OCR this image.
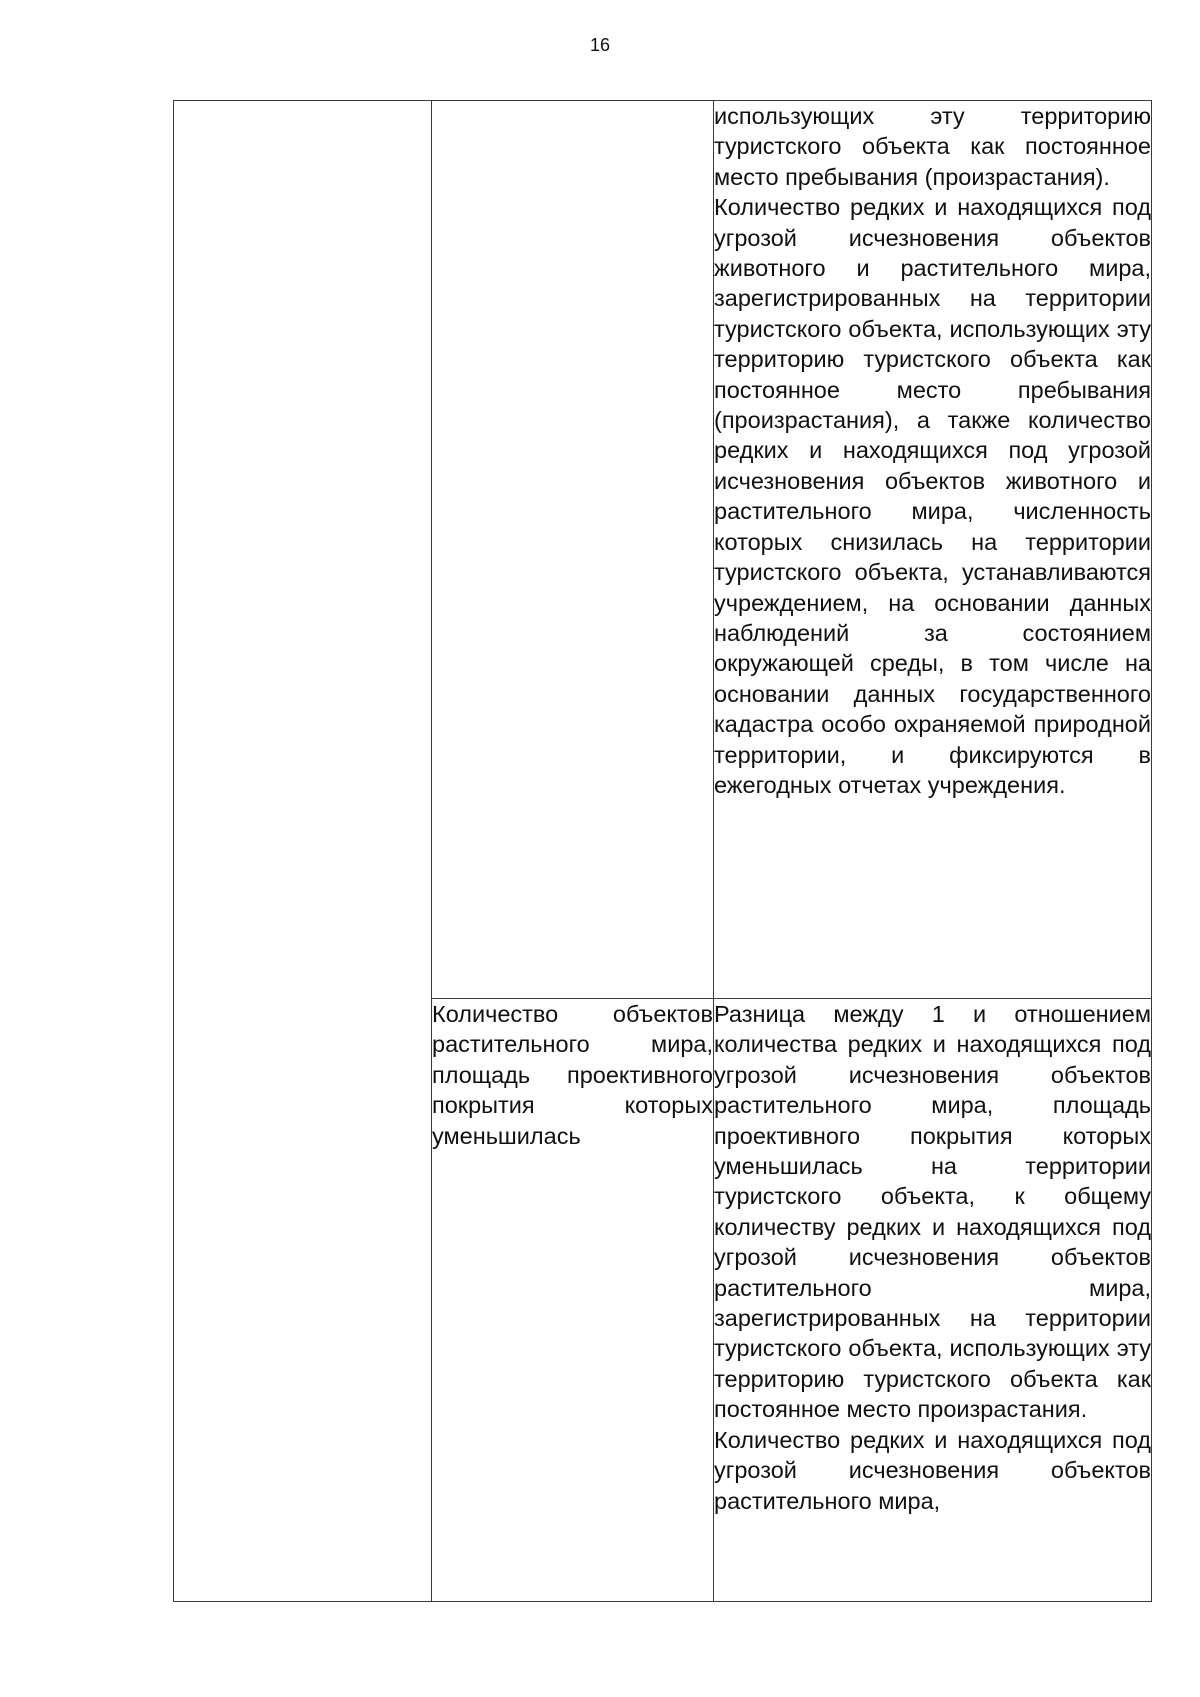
16

		использующих эту территорию туристского объекта как постоянное место пребывания (произрастания).

Количество редких и находящихся под угрозой исчезновения объектов животного и растительного мира, зарегистрированных на территории туристского объекта, использующих эту территорию туристского объекта как постоянное место пребывания (произрастания), а также количество редких и находящихся под угрозой исчезновения объектов животного и растительного мира, численность которых снизилась на территории туристского объекта, устанавливаются учреждением, на основании данных наблюдений за состоянием окружающей среды, в том числе на основании данных государственного кадастра особо охраняемой природной территории, и фиксируются в ежегодных отчетах учреждения.

	Количество объектов растительного мира, площадь проективного покрытия которых уменьшилась	Разница между 1 и отношением количества редких и находящихся под угрозой исчезновения объектов растительного мира, площадь проективного покрытия которых уменьшилась на территории туристского объекта, к общему количеству редких и находящихся под угрозой исчезновения объектов растительного мира, зарегистрированных на территории туристского объекта, использующих эту территорию туристского объекта как постоянное место произрастания.

Количество редких и находящихся под угрозой исчезновения объектов растительного мира,
